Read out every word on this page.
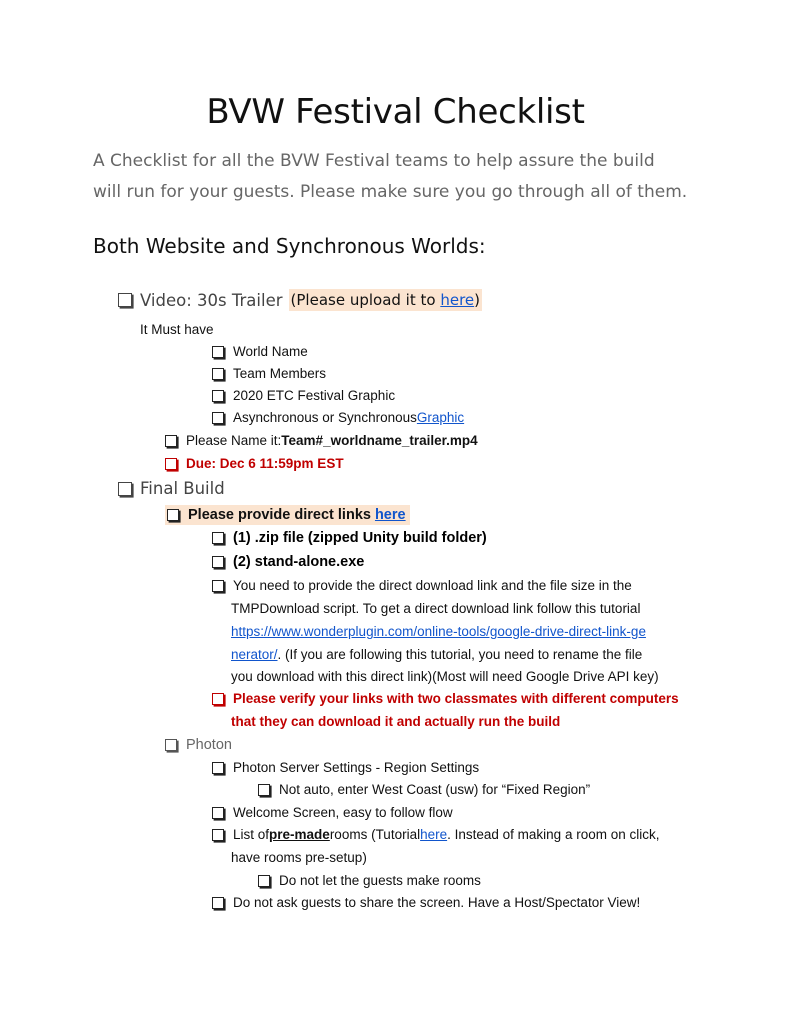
BVW Festival Checklist
A Checklist for all the BVW Festival teams to help assure the build
will run for your guests. Please make sure you go through all of them.
Both Website and Synchronous Worlds:
Video: 30s Trailer (Please upload it to here)
It Must have
World Name
Team Members
2020 ETC Festival Graphic
Asynchronous or Synchronous Graphic
Please Name it: Team#_worldname_trailer.mp4
Due: Dec 6 11:59pm EST
Final Build
Please provide direct links here
(1) .zip file (zipped Unity build folder)
(2) stand-alone.exe
You need to provide the direct download link and the file size in the
TMPDownload script. To get a direct download link follow this tutorial
https://www.wonderplugin.com/online-tools/google-drive-direct-link-ge
nerator/. (If you are following this tutorial, you need to rename the file
you download with this direct link)(Most will need Google Drive API key)
Please verify your links with two classmates with different computers
that they can download it and actually run the build
Photon
Photon Server Settings - Region Settings
Not auto, enter West Coast (usw) for “Fixed Region”
Welcome Screen, easy to follow flow
List of pre-made rooms (Tutorial here . Instead of making a room on click,
have rooms pre-setup)
Do not let the guests make rooms
Do not ask guests to share the screen. Have a Host/Spectator View!
